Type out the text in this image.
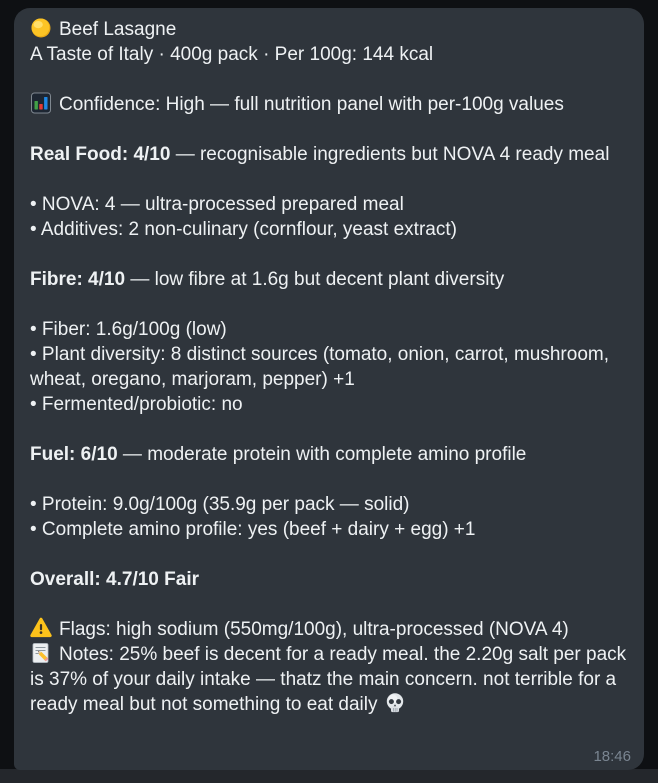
Beef Lasagne
A Taste of Italy · 400g pack · Per 100g: 144 kcal
Confidence: High — full nutrition panel with per-100g values
Real Food: 4/10 — recognisable ingredients but NOVA 4 ready meal
• NOVA: 4 — ultra-processed prepared meal
• Additives: 2 non-culinary (cornflour, yeast extract)
Fibre: 4/10 — low fibre at 1.6g but decent plant diversity
• Fiber: 1.6g/100g (low)
• Plant diversity: 8 distinct sources (tomato, onion, carrot, mushroom, wheat, oregano, marjoram, pepper) +1
• Fermented/probiotic: no
Fuel: 6/10 — moderate protein with complete amino profile
• Protein: 9.0g/100g (35.9g per pack — solid)
• Complete amino profile: yes (beef + dairy + egg) +1
Overall: 4.7/10 Fair
Flags: high sodium (550mg/100g), ultra-processed (NOVA 4)

Notes: 25% beef is decent for a ready meal. the 2.20g salt per pack is 37% of your daily intake — thatz the main concern. not terrible for a ready meal but not something to eat daily
18:46
